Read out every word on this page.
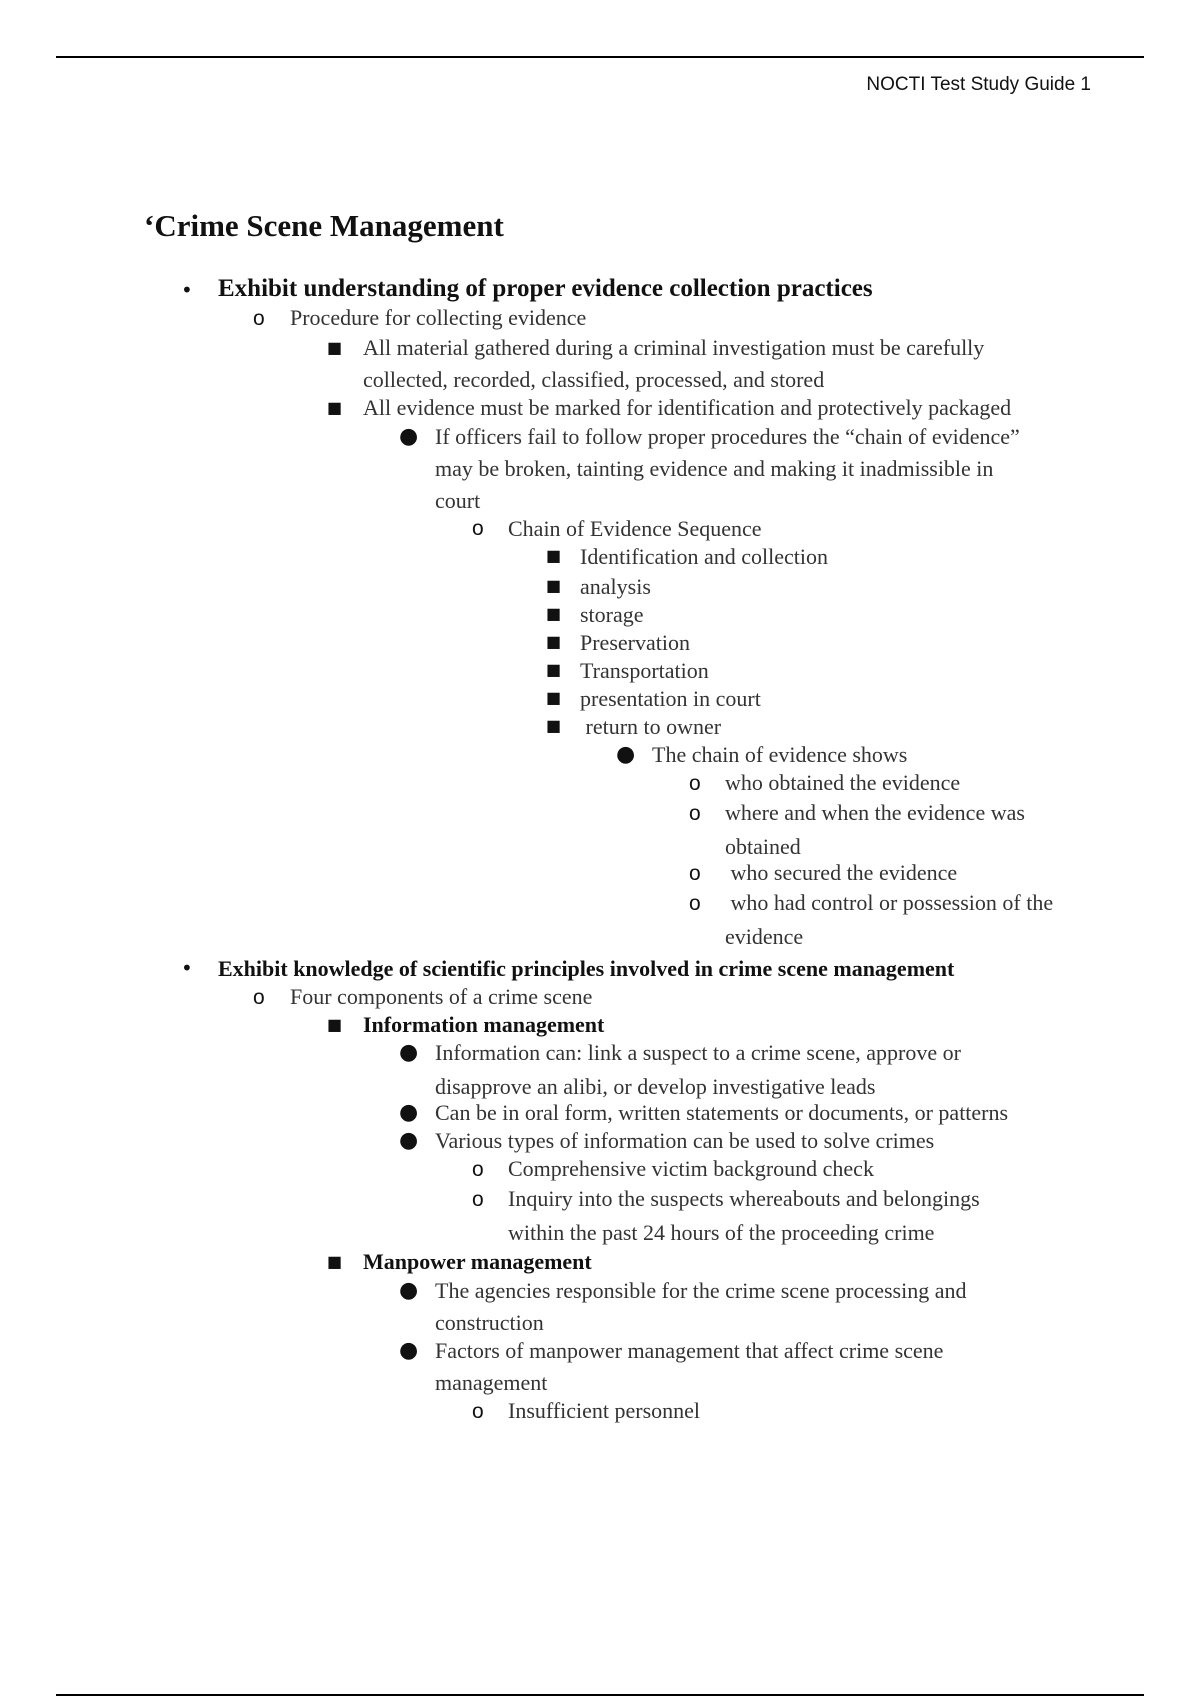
NOCTI Test Study Guide 1
‘Crime Scene Management
• Exhibit understanding of proper evidence collection practices
o Procedure for collecting evidence
■ All material gathered during a criminal investigation must be carefully
collected, recorded, classified, processed, and stored
■ All evidence must be marked for identification and protectively packaged
● If officers fail to follow proper procedures the “chain of evidence”
may be broken, tainting evidence and making it inadmissible in
court
o Chain of Evidence Sequence
■ Identification and collection
■ analysis
■ storage
■ Preservation
■ Transportation
■ presentation in court
■ return to owner
● The chain of evidence shows
o who obtained the evidence
o where and when the evidence was
obtained
o who secured the evidence
o who had control or possession of the
evidence
• Exhibit knowledge of scientific principles involved in crime scene management
o Four components of a crime scene
■ Information management
● Information can: link a suspect to a crime scene, approve or
disapprove an alibi, or develop investigative leads
● Can be in oral form, written statements or documents, or patterns
● Various types of information can be used to solve crimes
o Comprehensive victim background check
o Inquiry into the suspects whereabouts and belongings
within the past 24 hours of the proceeding crime
■ Manpower management
● The agencies responsible for the crime scene processing and
construction
● Factors of manpower management that affect crime scene
management
o Insufficient personnel
